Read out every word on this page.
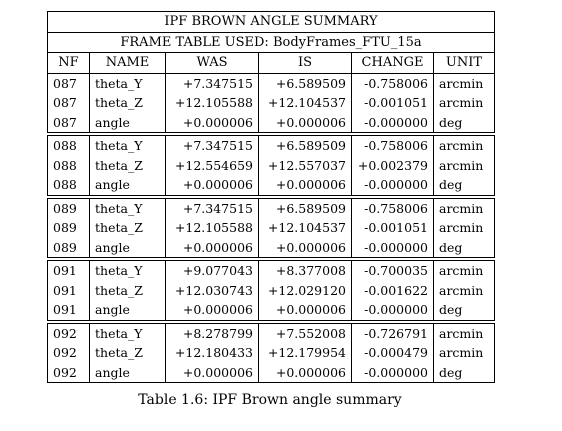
IPF BROWN ANGLE SUMMARY					
FRAME TABLE USED: BodyFrames_FTU_15a					
NF	NAME	WAS	IS	CHANGE	UNIT
087	theta_Y	+7.347515	+6.589509	-0.758006	arcmin
087	theta_Z	+12.105588	+12.104537	-0.001051	arcmin
087	angle	+0.000006	+0.000006	-0.000000	deg

088	theta_Y	+7.347515	+6.589509	-0.758006	arcmin
088	theta_Z	+12.554659	+12.557037	+0.002379	arcmin
088	angle	+0.000006	+0.000006	-0.000000	deg

089	theta_Y	+7.347515	+6.589509	-0.758006	arcmin
089	theta_Z	+12.105588	+12.104537	-0.001051	arcmin
089	angle	+0.000006	+0.000006	-0.000000	deg

091	theta_Y	+9.077043	+8.377008	-0.700035	arcmin
091	theta_Z	+12.030743	+12.029120	-0.001622	arcmin
091	angle	+0.000006	+0.000006	-0.000000	deg

092	theta_Y	+8.278799	+7.552008	-0.726791	arcmin
092	theta_Z	+12.180433	+12.179954	-0.000479	arcmin
092	angle	+0.000006	+0.000006	-0.000000	deg
Table 1.6: IPF Brown angle summary
